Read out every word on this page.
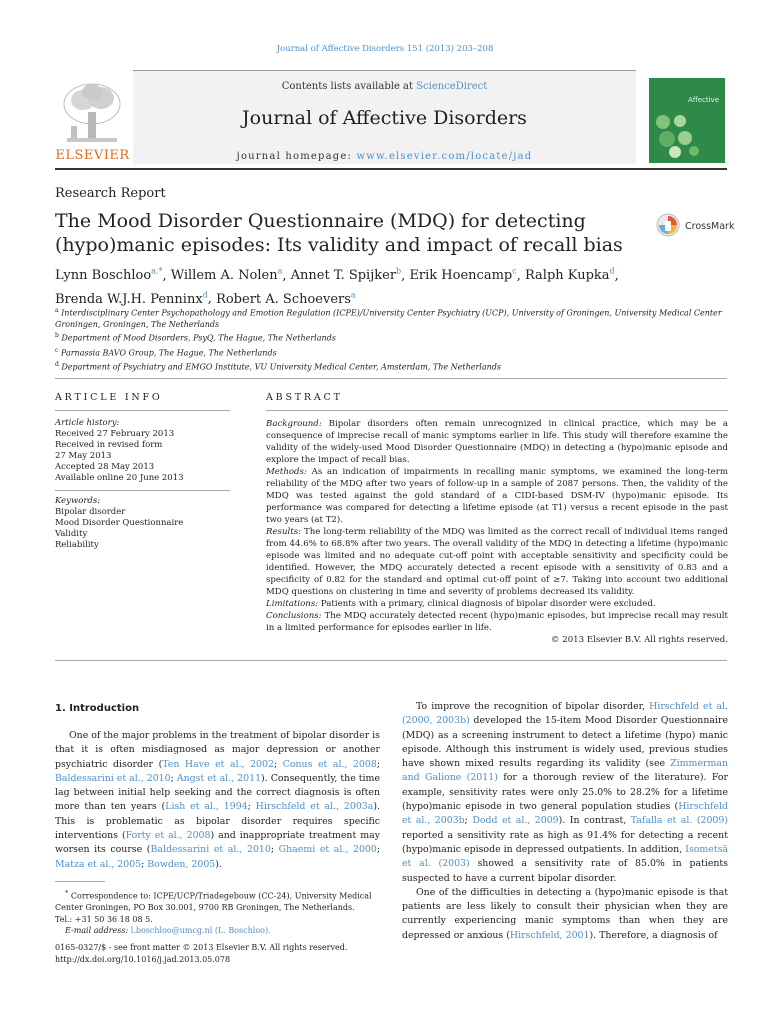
Journal of Affective Disorders 151 (2013) 203–208
ELSEVIER
Contents lists available at ScienceDirect
Journal of Affective Disorders
journal homepage: www.elsevier.com/locate/jad
Affective
Research Report
The Mood Disorder Questionnaire (MDQ) for detecting (hypo)manic episodes: Its validity and impact of recall bias
CrossMark
Lynn Boschloo$^{a,*}$, Willem A. Nolen$^a$, Annet T. Spijker$^b$, Erik Hoencamp$^c$, Ralph Kupka$^d$,
Brenda W.J.H. Penninx$^d$, Robert A. Schoevers$^a$
$^a$ Interdisciplinary Center Psychopathology and Emotion Regulation (ICPE)/University Center Psychiatry (UCP), University of Groningen, University Medical Center Groningen, Groningen, The Netherlands
$^b$ Department of Mood Disorders, PsyQ, The Hague, The Netherlands
$^c$ Parnassia BAVO Group, The Hague, The Netherlands
$^d$ Department of Psychiatry and EMGO Institute, VU University Medical Center, Amsterdam, The Netherlands
ARTICLE INFO	ABSTRACT
Article history:
Received 27 February 2013
Received in revised form
27 May 2013
Accepted 28 May 2013
Available online 20 June 2013
Keywords:
Bipolar disorder
Mood Disorder Questionnaire
Validity
Reliability
Background: Bipolar disorders often remain unrecognized in clinical practice, which may be a consequence of imprecise recall of manic symptoms earlier in life. This study will therefore examine the validity of the widely-used Mood Disorder Questionnaire (MDQ) in detecting a (hypo)manic episode and explore the impact of recall bias.
Methods: As an indication of impairments in recalling manic symptoms, we examined the long-term reliability of the MDQ after two years of follow-up in a sample of 2087 persons. Then, the validity of the MDQ was tested against the gold standard of a CIDI-based DSM-IV (hypo)manic episode. Its performance was compared for detecting a lifetime episode (at T1) versus a recent episode in the past two years (at T2).
Results: The long-term reliability of the MDQ was limited as the correct recall of individual items ranged from 44.6% to 68.8% after two years. The overall validity of the MDQ in detecting a lifetime (hypo)manic episode was limited and no adequate cut-off point with acceptable sensitivity and specificity could be identified. However, the MDQ accurately detected a recent episode with a sensitivity of 0.83 and a specificity of 0.82 for the standard and optimal cut-off point of ≥7. Taking into account two additional MDQ questions on clustering in time and severity of problems decreased its validity.
Limitations: Patients with a primary, clinical diagnosis of bipolar disorder were excluded.
Conclusions: The MDQ accurately detected recent (hypo)manic episodes, but imprecise recall may result in a limited performance for episodes earlier in life.
© 2013 Elsevier B.V. All rights reserved.
1. Introduction

One of the major problems in the treatment of bipolar disorder is that it is often misdiagnosed as major depression or another psychiatric disorder (Ten Have et al., 2002; Conus et al., 2008; Baldessarini et al., 2010; Angst et al., 2011). Consequently, the time lag between initial help seeking and the correct diagnosis is often more than ten years (Lish et al., 1994; Hirschfeld et al., 2003a). This is problematic as bipolar disorder requires specific interventions (Forty et al., 2008) and inappropriate treatment may worsen its course (Baldessarini et al., 2010; Ghaemi et al., 2000; Matza et al., 2005; Bowden, 2005).

To improve the recognition of bipolar disorder, Hirschfeld et al. (2000, 2003b) developed the 15-item Mood Disorder Questionnaire (MDQ) as a screening instrument to detect a lifetime (hypo) manic episode. Although this instrument is widely used, previous studies have shown mixed results regarding its validity (see Zimmerman and Galione (2011) for a thorough review of the literature). For example, sensitivity rates were only 25.0% to 28.2% for a lifetime (hypo)manic episode in two general population studies (Hirschfeld et al., 2003b; Dodd et al., 2009). In contrast, Tafalla et al. (2009) reported a sensitivity rate as high as 91.4% for detecting a recent (hypo)manic episode in depressed outpatients. In addition, Isometsä et al. (2003) showed a sensitivity rate of 85.0% in patients suspected to have a current bipolar disorder.

One of the difficulties in detecting a (hypo)manic episode is that patients are less likely to consult their physician when they are currently experiencing manic symptoms than when they are depressed or anxious (Hirschfeld, 2001). Therefore, a diagnosis of

* Correspondence to: ICPE/UCP/Triadegebouw (CC-24), University Medical Center Groningen, PO Box 30.001, 9700 RB Groningen, The Netherlands.
Tel.: +31 50 36 18 08 5.
E-mail address: l.boschloo@umcg.nl (L. Boschloo).
0165-0327/$ - see front matter © 2013 Elsevier B.V. All rights reserved.
http://dx.doi.org/10.1016/j.jad.2013.05.078
